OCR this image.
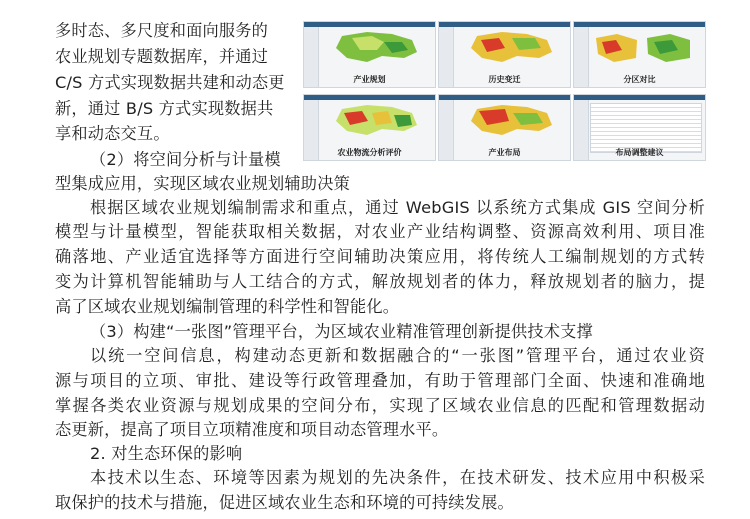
多时态、多尺度和面向服务的
农业规划专题数据库，并通过
C/S 方式实现数据共建和动态更
新，通过 B/S 方式实现数据共
享和动态交互。
（2）将空间分析与计量模
型集成应用，实现区域农业规划辅助决策
产业规划	历史变迁	分区对比
农业物流分析评价	产业布局	布局调整建议
根据区域农业规划编制需求和重点，通过 WebGIS 以系统方式集成 GIS 空间分析
模型与计量模型，智能获取相关数据，对农业产业结构调整、资源高效利用、项目准
确落地、产业适宜选择等方面进行空间辅助决策应用，将传统人工编制规划的方式转
变为计算机智能辅助与人工结合的方式，解放规划者的体力，释放规划者的脑力，提
高了区域农业规划编制管理的科学性和智能化。
（3）构建“一张图”管理平台，为区域农业精准管理创新提供技术支撑
以统一空间信息，构建动态更新和数据融合的“一张图”管理平台，通过农业资
源与项目的立项、审批、建设等行政管理叠加，有助于管理部门全面、快速和准确地
掌握各类农业资源与规划成果的空间分布，实现了区域农业信息的匹配和管理数据动
态更新，提高了项目立项精准度和项目动态管理水平。
2. 对生态环保的影响
本技术以生态、环境等因素为规划的先决条件，在技术研发、技术应用中积极采
取保护的技术与措施，促进区域农业生态和环境的可持续发展。
